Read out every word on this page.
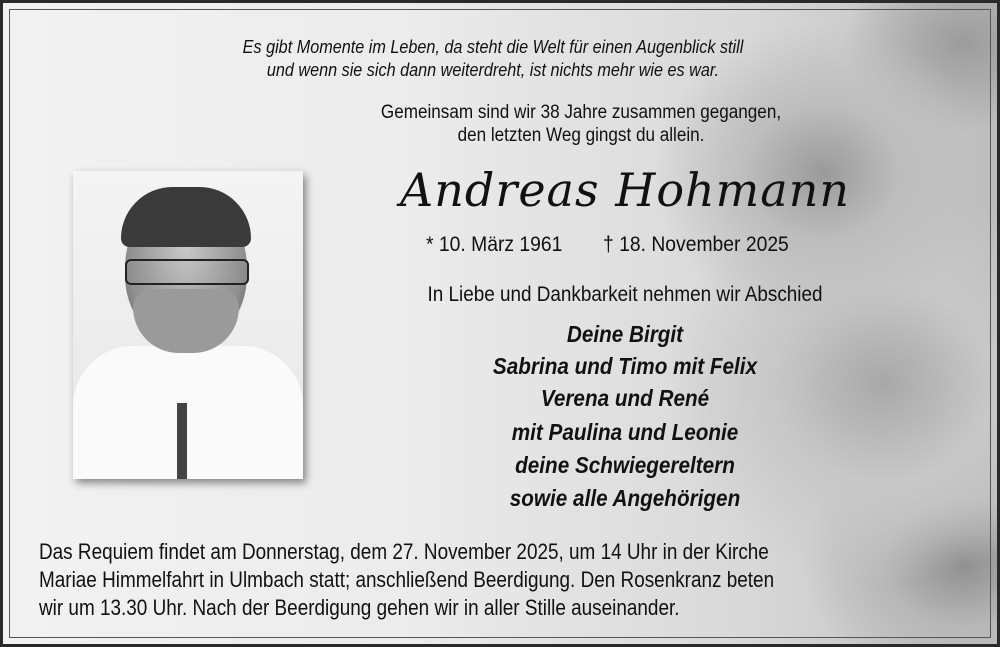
Es gibt Momente im Leben, da steht die Welt für einen Augenblick still
und wenn sie sich dann weiterdreht, ist nichts mehr wie es war.
Gemeinsam sind wir 38 Jahre zusammen gegangen,
den letzten Weg gingst du allein.
Andreas Hohmann
* 10. März 1961 † 18. November 2025
In Liebe und Dankbarkeit nehmen wir Abschied
Deine Birgit
Sabrina und Timo mit Felix
Verena und René
mit Paulina und Leonie
deine Schwiegereltern
sowie alle Angehörigen
Das Requiem findet am Donnerstag, dem 27. November 2025, um 14 Uhr in der Kirche
Mariae Himmelfahrt in Ulmbach statt; anschließend Beerdigung. Den Rosenkranz beten
wir um 13.30 Uhr. Nach der Beerdigung gehen wir in aller Stille auseinander.
